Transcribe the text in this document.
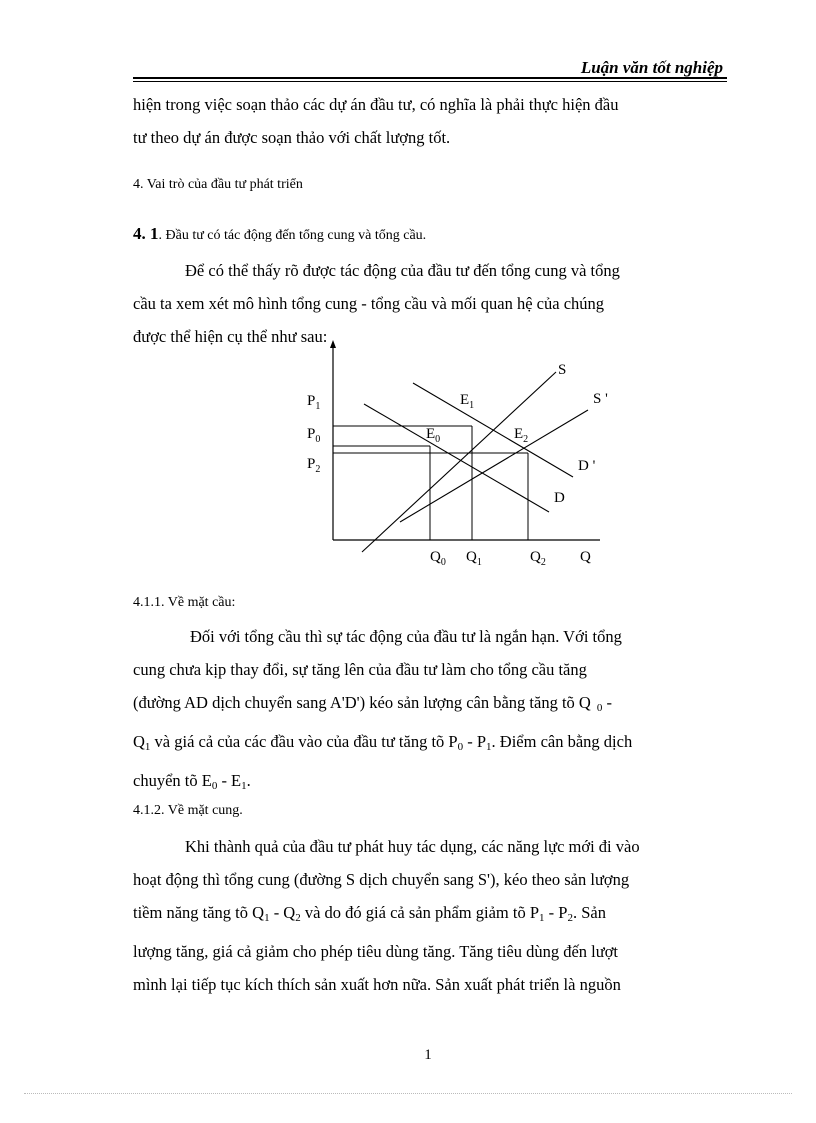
Luận văn tốt nghiệp

hiện trong việc soạn thảo các dự án đầu tư, có nghĩa là phải thực hiện đầu
tư theo dự án được soạn thảo với chất lượng tốt.

4. Vai trò của đầu tư phát triển

4. 1. Đầu tư có tác động đến tổng cung và tổng cầu.

Để có thể thấy rõ được tác động của đầu tư đến tổng cung và tổng
cầu ta xem xét mô hình tổng cung - tổng cầu và mối quan hệ của chúng
được thể hiện cụ thể như sau:

S
S '
D '
D
$E_1$
$E_0$	$E_2$
$P_1$
$P_0$
$P_2$
$Q_0$ $Q_1$	$Q_2$ Q

4.1.1. Về mặt cầu:

Đối với tổng cầu thì sự tác động của đầu tư là ngắn hạn. Với tổng
cung chưa kịp thay đổi, sự tăng lên của đầu tư làm cho tổng cầu tăng
(đường AD dịch chuyển sang A'D') kéo sản lượng cân bằng tăng tõ Q $_0$ -
$Q_1$ và giá cả của các đầu vào của đầu tư tăng tõ $P_0 - P_1$. Điểm cân bằng dịch
chuyển tõ $E_0 - E_1$.

4.1.2. Về mặt cung.

Khi thành quả của đầu tư phát huy tác dụng, các năng lực mới đi vào
hoạt động thì tổng cung (đường S dịch chuyển sang S'), kéo theo sản lượng
tiềm năng tăng tõ $Q_1 - Q_2$ và do đó giá cả sản phẩm giảm tõ $P_1 - P_2$. Sản
lượng tăng, giá cả giảm cho phép tiêu dùng tăng. Tăng tiêu dùng đến lượt
mình lại tiếp tục kích thích sản xuất hơn nữa. Sản xuất phát triển là nguồn

1
